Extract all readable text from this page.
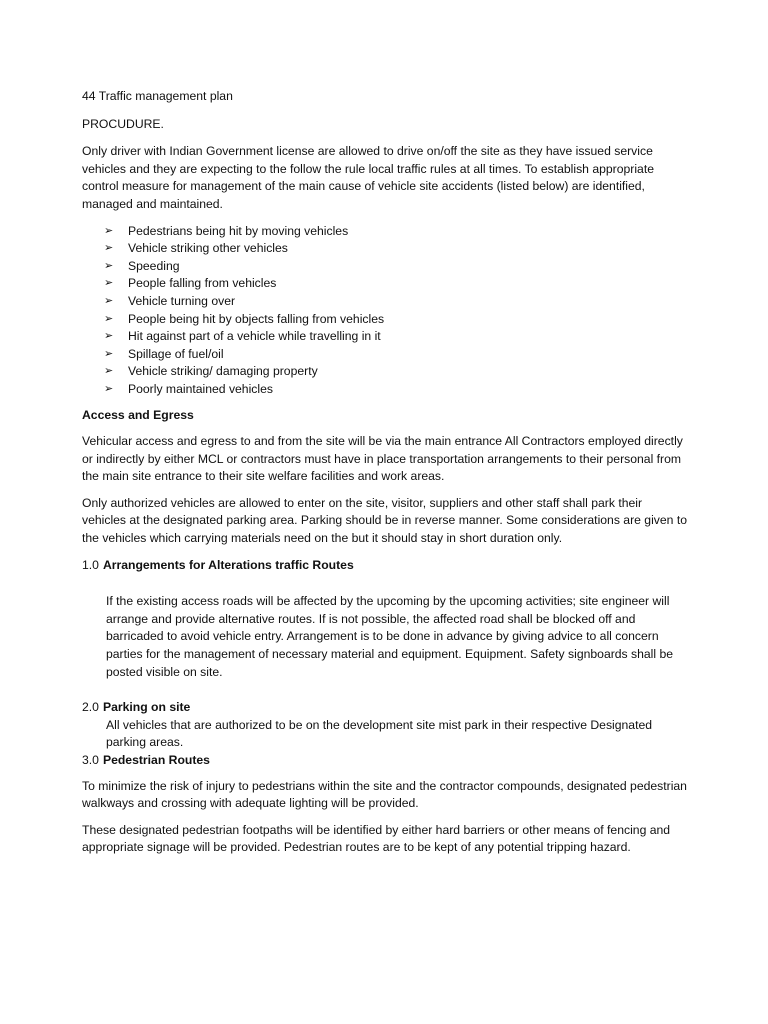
44 Traffic management plan

PROCUDURE.

Only driver with Indian Government license are allowed to drive on/off the site as they have issued service vehicles and they are expecting to the follow the rule local traffic rules at all times. To establish appropriate control measure for management of the main cause of vehicle site accidents (listed below) are identified, managed and maintained.

➢ Pedestrians being hit by moving vehicles
➢ Vehicle striking other vehicles
➢ Speeding
➢ People falling from vehicles
➢ Vehicle turning over
➢ People being hit by objects falling from vehicles
➢ Hit against part of a vehicle while travelling in it
➢ Spillage of fuel/oil
➢ Vehicle striking/ damaging property
➢ Poorly maintained vehicles

Access and Egress

Vehicular access and egress to and from the site will be via the main entrance All Contractors employed directly or indirectly by either MCL or contractors must have in place transportation arrangements to their personal from the main site entrance to their site welfare facilities and work areas.

Only authorized vehicles are allowed to enter on the site, visitor, suppliers and other staff shall park their vehicles at the designated parking area. Parking should be in reverse manner. Some considerations are given to the vehicles which carrying materials need on the but it should stay in short duration only.

1.0 Arrangements for Alterations traffic Routes

If the existing access roads will be affected by the upcoming by the upcoming activities; site engineer will arrange and provide alternative routes. If is not possible, the affected road shall be blocked off and barricaded to avoid vehicle entry. Arrangement is to be done in advance by giving advice to all concern parties for the management of necessary material and equipment. Equipment. Safety signboards shall be posted visible on site.

2.0 Parking on site

All vehicles that are authorized to be on the development site mist park in their respective Designated parking areas.

3.0 Pedestrian Routes

To minimize the risk of injury to pedestrians within the site and the contractor compounds, designated pedestrian walkways and crossing with adequate lighting will be provided.

These designated pedestrian footpaths will be identified by either hard barriers or other means of fencing and appropriate signage will be provided. Pedestrian routes are to be kept of any potential tripping hazard.
